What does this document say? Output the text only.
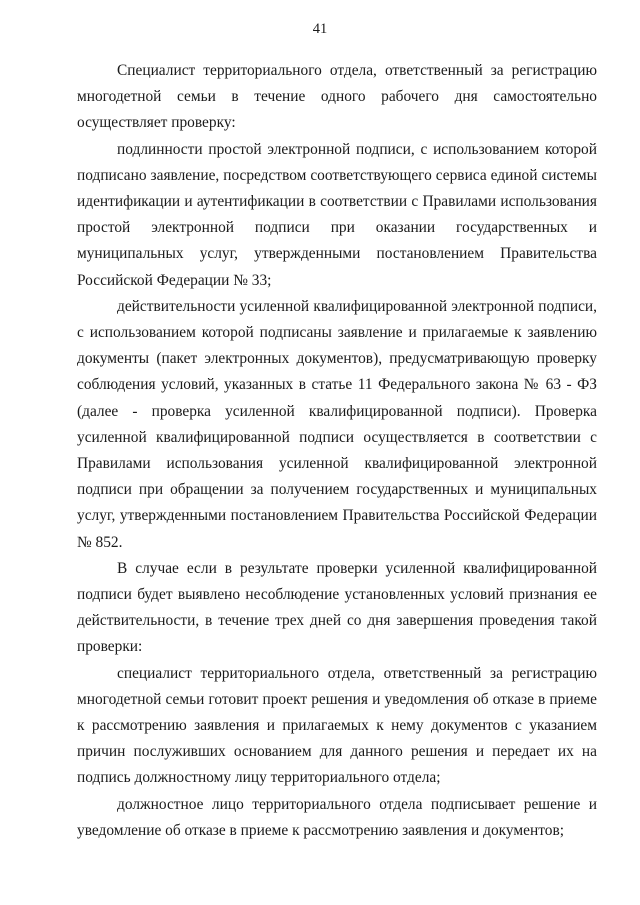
41

Специалист территориального отдела, ответственный за регистрацию многодетной семьи в течение одного рабочего дня самостоятельно осуществляет проверку:

подлинности простой электронной подписи, с использованием которой подписано заявление, посредством соответствующего сервиса единой системы идентификации и аутентификации в соответствии с Правилами использования простой электронной подписи при оказании государственных и муниципальных услуг, утвержденными постановлением Правительства Российской Федерации № 33;

действительности усиленной квалифицированной электронной подписи, с использованием которой подписаны заявление и прилагаемые к заявлению документы (пакет электронных документов), предусматривающую проверку соблюдения условий, указанных в статье 11 Федерального закона № 63 - ФЗ (далее - проверка усиленной квалифицированной подписи). Проверка усиленной квалифицированной подписи осуществляется в соответствии с Правилами использования усиленной квалифицированной электронной подписи при обращении за получением государственных и муниципальных услуг, утвержденными постановлением Правительства Российской Федерации № 852.

В случае если в результате проверки усиленной квалифицированной подписи будет выявлено несоблюдение установленных условий признания ее действительности, в течение трех дней со дня завершения проведения такой проверки:

специалист территориального отдела, ответственный за регистрацию многодетной семьи готовит проект решения и уведомления об отказе в приеме к рассмотрению заявления и прилагаемых к нему документов с указанием причин послуживших основанием для данного решения и передает их на подпись должностному лицу территориального отдела;

должностное лицо территориального отдела подписывает решение и уведомление об отказе в приеме к рассмотрению заявления и документов;
